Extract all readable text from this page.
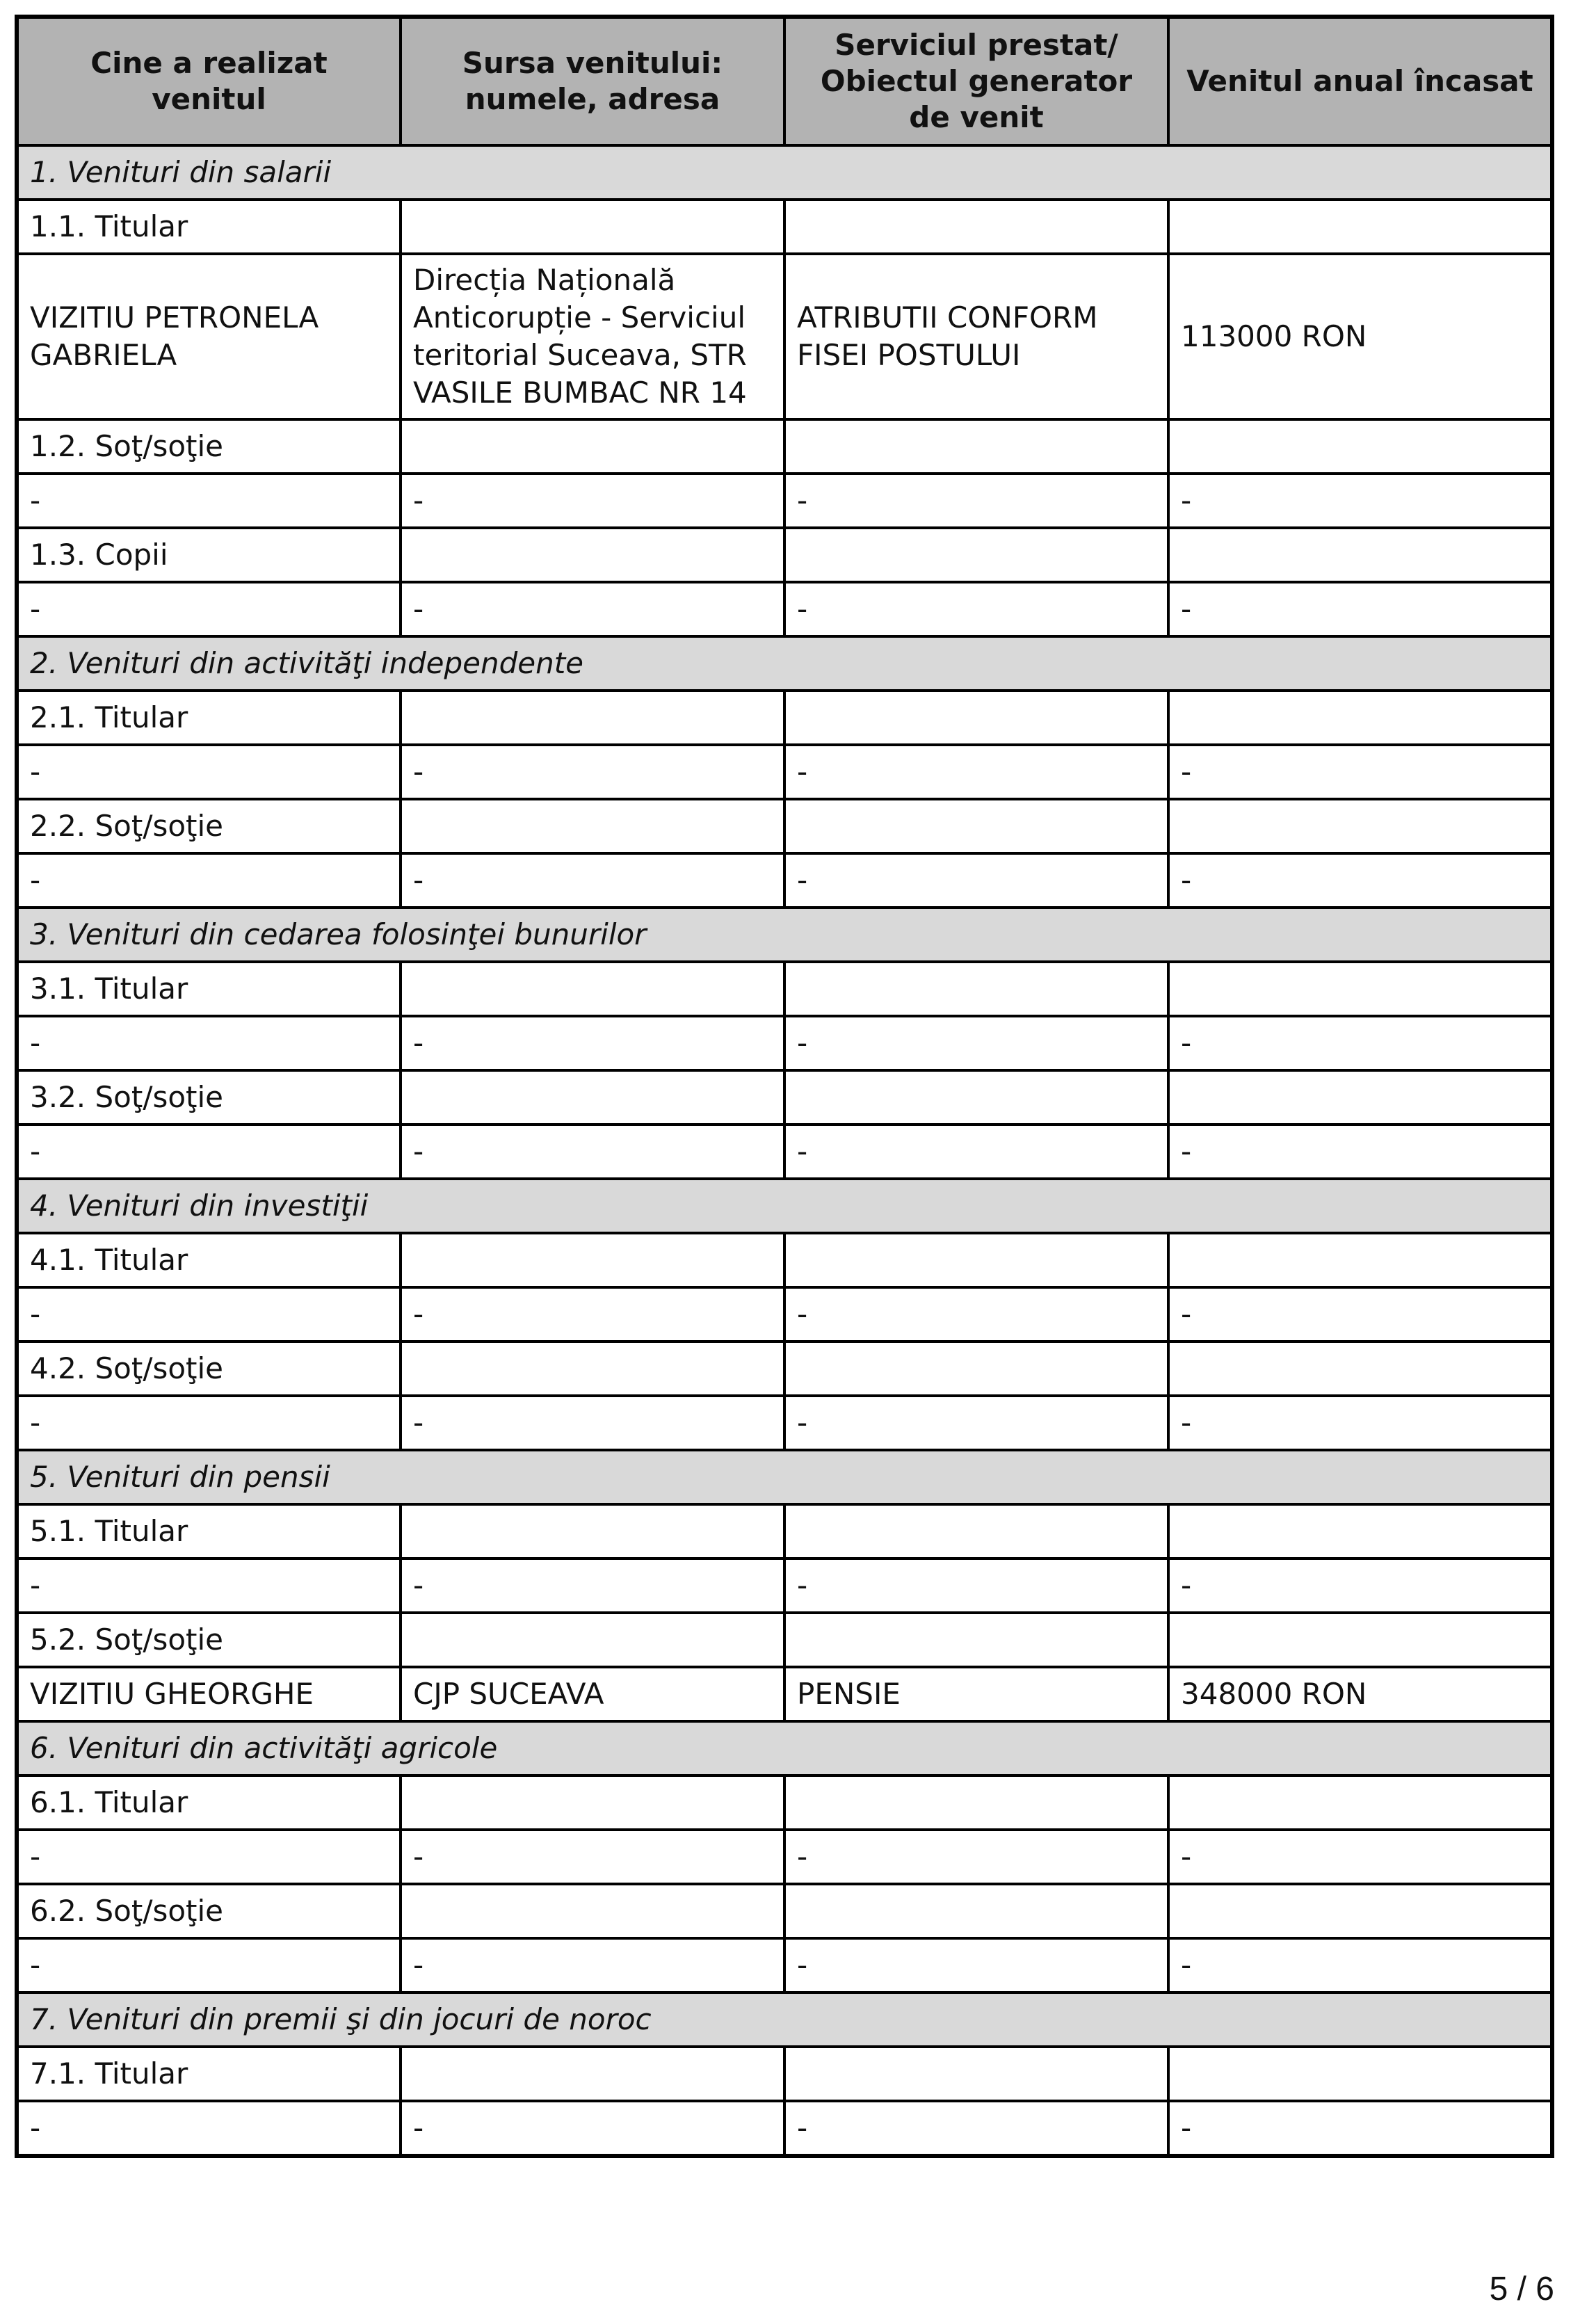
Cine a realizat venitul	Sursa venitului: numele, adresa	Serviciul prestat/ Obiectul generator de venit	Venitul anual încasat
1. Venituri din salarii			
1.1. Titular			
VIZITIU PETRONELA GABRIELA	Direcția Națională Anticorupție - Serviciul teritorial Suceava, STR VASILE BUMBAC NR 14	ATRIBUTII CONFORM FISEI POSTULUI	113000 RON
1.2. Soţ/soţie			
-	-	-	-
1.3. Copii			
-	-	-	-
2. Venituri din activităţi independente			
2.1. Titular			
-	-	-	-
2.2. Soţ/soţie			
-	-	-	-
3. Venituri din cedarea folosinţei bunurilor			
3.1. Titular			
-	-	-	-
3.2. Soţ/soţie			
-	-	-	-
4. Venituri din investiţii			
4.1. Titular			
-	-	-	-
4.2. Soţ/soţie			
-	-	-	-
5. Venituri din pensii			
5.1. Titular			
-	-	-	-
5.2. Soţ/soţie			
VIZITIU GHEORGHE	CJP SUCEAVA	PENSIE	348000 RON
6. Venituri din activităţi agricole			
6.1. Titular			
-	-	-	-
6.2. Soţ/soţie			
-	-	-	-
7. Venituri din premii şi din jocuri de noroc			
7.1. Titular			
-	-	-	-
5 / 6
